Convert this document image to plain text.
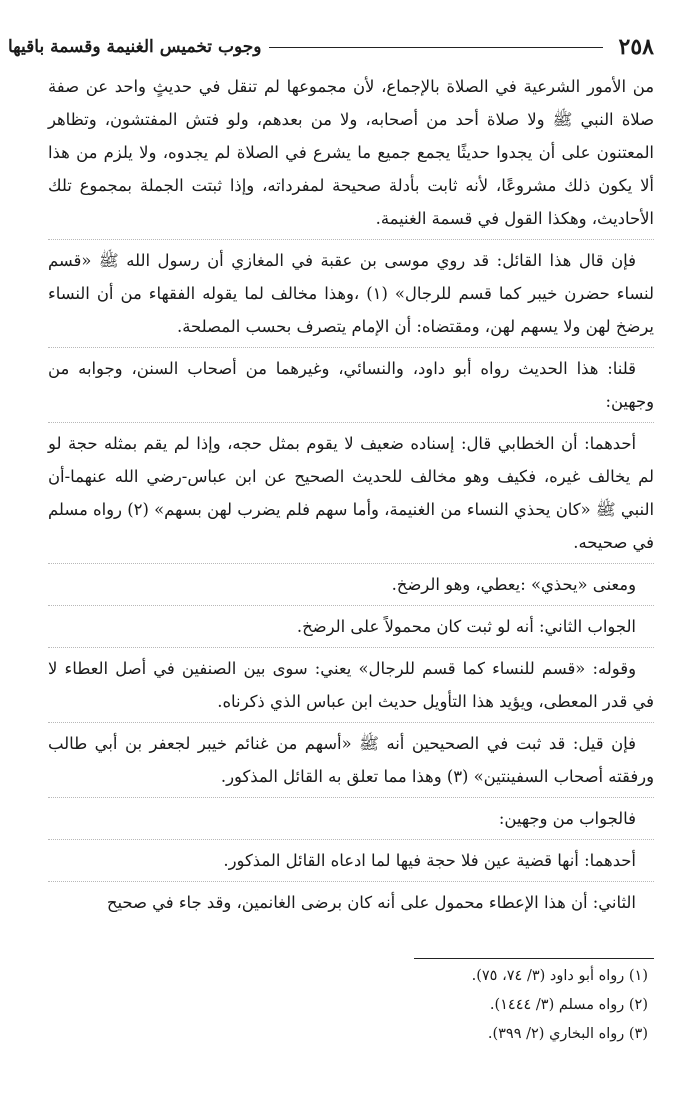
٢٥٨
وجوب تخميس الغنيمة وقسمة باقيها

من الأمور الشرعية في الصلاة بالإجماع، لأن مجموعها لم تنقل في حديثٍ واحد عن صفة صلاة النبي ﷺ ولا صلاة أحد من أصحابه، ولا من بعدهم، ولو فتش المفتشون، وتظاهر المعتنون على أن يجدوا حديثًا يجمع جميع ما يشرع في الصلاة لم يجدوه، ولا يلزم من هذا ألا يكون ذلك مشروعًا، لأنه ثابت بأدلة صحيحة لمفرداته، وإذا ثبتت الجملة بمجموع تلك الأحاديث، وهكذا القول في قسمة الغنيمة.

فإن قال هذا القائل: قد روي موسى بن عقبة في المغازي أن رسول الله ﷺ «قسم لنساء حضرن خيبر كما قسم للرجال» (١) ،وهذا مخالف لما يقوله الفقهاء من أن النساء يرضخ لهن ولا يسهم لهن، ومقتضاه: أن الإمام يتصرف بحسب المصلحة.

قلنا: هذا الحديث رواه أبو داود، والنسائي، وغيرهما من أصحاب السنن، وجوابه من وجهين:

أحدهما: أن الخطابي قال: إسناده ضعيف لا يقوم بمثل حجه، وإذا لم يقم بمثله حجة لو لم يخالف غيره، فكيف وهو مخالف للحديث الصحيح عن ابن عباس-رضي الله عنهما-أن النبي ﷺ «كان يحذي النساء من الغنيمة، وأما سهم فلم يضرب لهن بسهم» (٢) رواه مسلم في صحيحه.

ومعنى «يحذي» :يعطي، وهو الرضخ.

الجواب الثاني: أنه لو ثبت كان محمولاً على الرضخ.

وقوله: «قسم للنساء كما قسم للرجال» يعني: سوى بين الصنفين في أصل العطاء لا في قدر المعطى، ويؤيد هذا التأويل حديث ابن عباس الذي ذكرناه.

فإن قيل: قد ثبت في الصحيحين أنه ﷺ «أسهم من غنائم خيبر لجعفر بن أبي طالب ورفقته أصحاب السفينتين» (٣) وهذا مما تعلق به القائل المذكور.

فالجواب من وجهين:

أحدهما: أنها قضية عين فلا حجة فيها لما ادعاه القائل المذكور.

الثاني: أن هذا الإعطاء محمول على أنه كان برضى الغانمين، وقد جاء في صحيح

(١) رواه أبو داود (٣/ ٧٤، ٧٥).

(٢) رواه مسلم (٣/ ١٤٤٤).

(٣) رواه البخاري (٢/ ٣٩٩).
